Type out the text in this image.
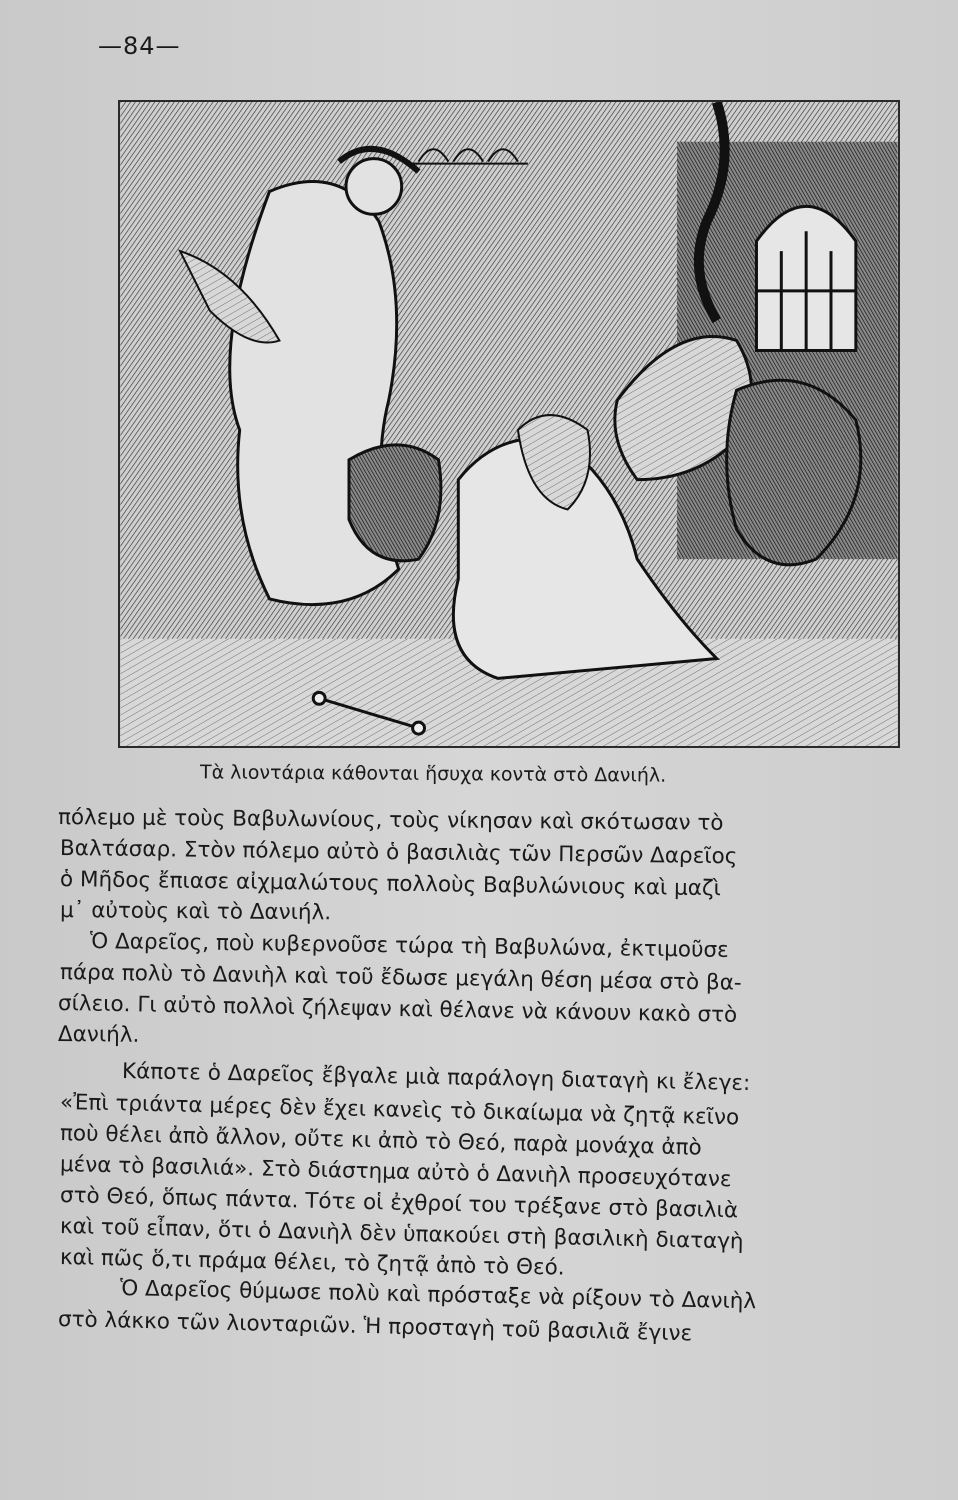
—84—
Τὰ λιοντάρια κάθονται ἥσυχα κοντὰ στὸ Δανιήλ.
πόλεμο μὲ τοὺς Βαβυλωνίους, τοὺς νίκησαν καὶ σκότωσαν τὸ
Βαλτάσαρ. Στὸν πόλεμο αὐτὸ ὁ βασιλιὰς τῶν Περσῶν Δαρεῖος
ὁ Μῆδος ἔπιασε αἰχμαλώτους πολλοὺς Βαβυλώνιους καὶ μαζὶ
μ᾿ αὐτοὺς καὶ τὸ Δανιήλ.
Ὁ Δαρεῖος, ποὺ κυβερνοῦσε τώρα τὴ Βαβυλώνα, ἐκτιμοῦσε
πάρα πολὺ τὸ Δανιὴλ καὶ τοῦ ἔδωσε μεγάλη θέση μέσα στὸ βα-
σίλειο. Γι αὐτὸ πολλοὶ ζήλεψαν καὶ θέλανε νὰ κάνουν κακὸ στὸ
Δανιήλ.
Κάποτε ὁ Δαρεῖος ἔβγαλε μιὰ παράλογη διαταγὴ κι ἔλεγε:
«Ἐπὶ τριάντα μέρες δὲν ἔχει κανεὶς τὸ δικαίωμα νὰ ζητᾷ κεῖνο
ποὺ θέλει ἀπὸ ἄλλον, οὔτε κι ἀπὸ τὸ Θεό, παρὰ μονάχα ἀπὸ
μένα τὸ βασιλιά». Στὸ διάστημα αὐτὸ ὁ Δανιὴλ προσευχότανε
στὸ Θεό, ὅπως πάντα. Τότε οἱ ἐχθροί του τρέξανε στὸ βασιλιὰ
καὶ τοῦ εἶπαν, ὅτι ὁ Δανιὴλ δὲν ὑπακούει στὴ βασιλικὴ διαταγὴ
καὶ πῶς ὅ,τι πράμα θέλει, τὸ ζητᾷ ἀπὸ τὸ Θεό.
Ὁ Δαρεῖος θύμωσε πολὺ καὶ πρόσταξε νὰ ρίξουν τὸ Δανιὴλ
στὸ λάκκο τῶν λιονταριῶν. Ἡ προσταγὴ τοῦ βασιλιᾶ ἔγινε
